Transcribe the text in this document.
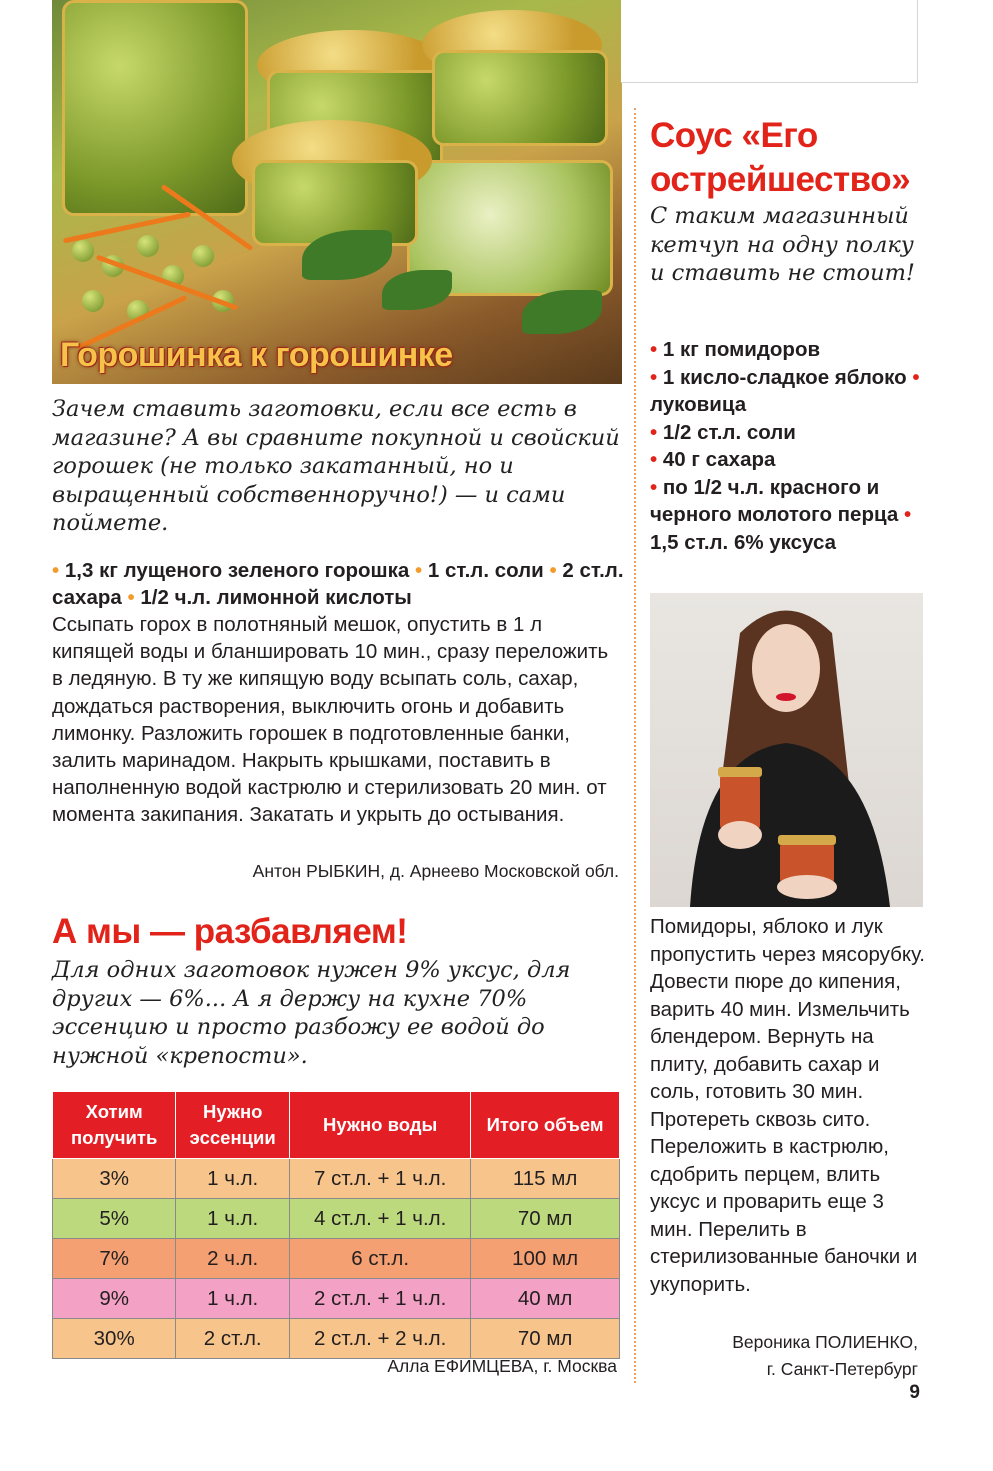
Горошинка к горошинке
Зачем ставить заготовки, если все есть в магазине? А вы сравните покупной и свойский горошек (не только закатанный, но и выращенный собственноручно!) — и сами поймете.
• 1,3 кг лущеного зеленого горошка • 1 ст.л. соли • 2 ст.л. сахара • 1/2 ч.л. лимонной кислоты
Ссыпать горох в полотняный мешок, опустить в 1 л кипящей воды и бланшировать 10 мин., сразу переложить в ледяную. В ту же кипящую воду всыпать соль, сахар, дождаться растворения, выключить огонь и добавить лимонку. Разложить горошек в подготовленные банки, залить маринадом. Накрыть крышками, поставить в наполненную водой кастрюлю и стерилизовать 20 мин. от момента закипания. Закатать и укрыть до остывания.
Антон РЫБКИН, д. Арнеево Московской обл.
А мы — разбавляем!
Для одних заготовок нужен 9% уксус, для других — 6%... А я держу на кухне 70% эссенцию и просто разбожу ее водой до нужной «крепости».
Хотим получить	Нужно эссенции	Нужно воды	Итого объем
3%	1 ч.л.	7 ст.л. + 1 ч.л.	115 мл
5%	1 ч.л.	4 ст.л. + 1 ч.л.	70 мл
7%	2 ч.л.	6 ст.л.	100 мл
9%	1 ч.л.	2 ст.л. + 1 ч.л.	40 мл
30%	2 ст.л.	2 ст.л. + 2 ч.л.	70 мл
Алла ЕФИМЦЕВА, г. Москва
Соус «Его острейшество»
С таким магазинный кетчуп на одну полку и ставить не стоит!
• 1 кг помидоров
• 1 кисло-сладкое яблоко • луковица
• 1/2 ст.л. соли
• 40 г сахара
• по 1/2 ч.л. красного и черного молотого перца • 1,5 ст.л. 6% уксуса
Помидоры, яблоко и лук пропустить через мясорубку. Довести пюре до кипения, варить 40 мин. Измельчить блендером. Вернуть на плиту, добавить сахар и соль, готовить 30 мин. Протереть сквозь сито. Переложить в кастрюлю, сдобрить перцем, влить уксус и проварить еще 3 мин. Перелить в стерилизованные баночки и укупорить.
Вероника ПОЛИЕНКО,
г. Санкт-Петербург
9
